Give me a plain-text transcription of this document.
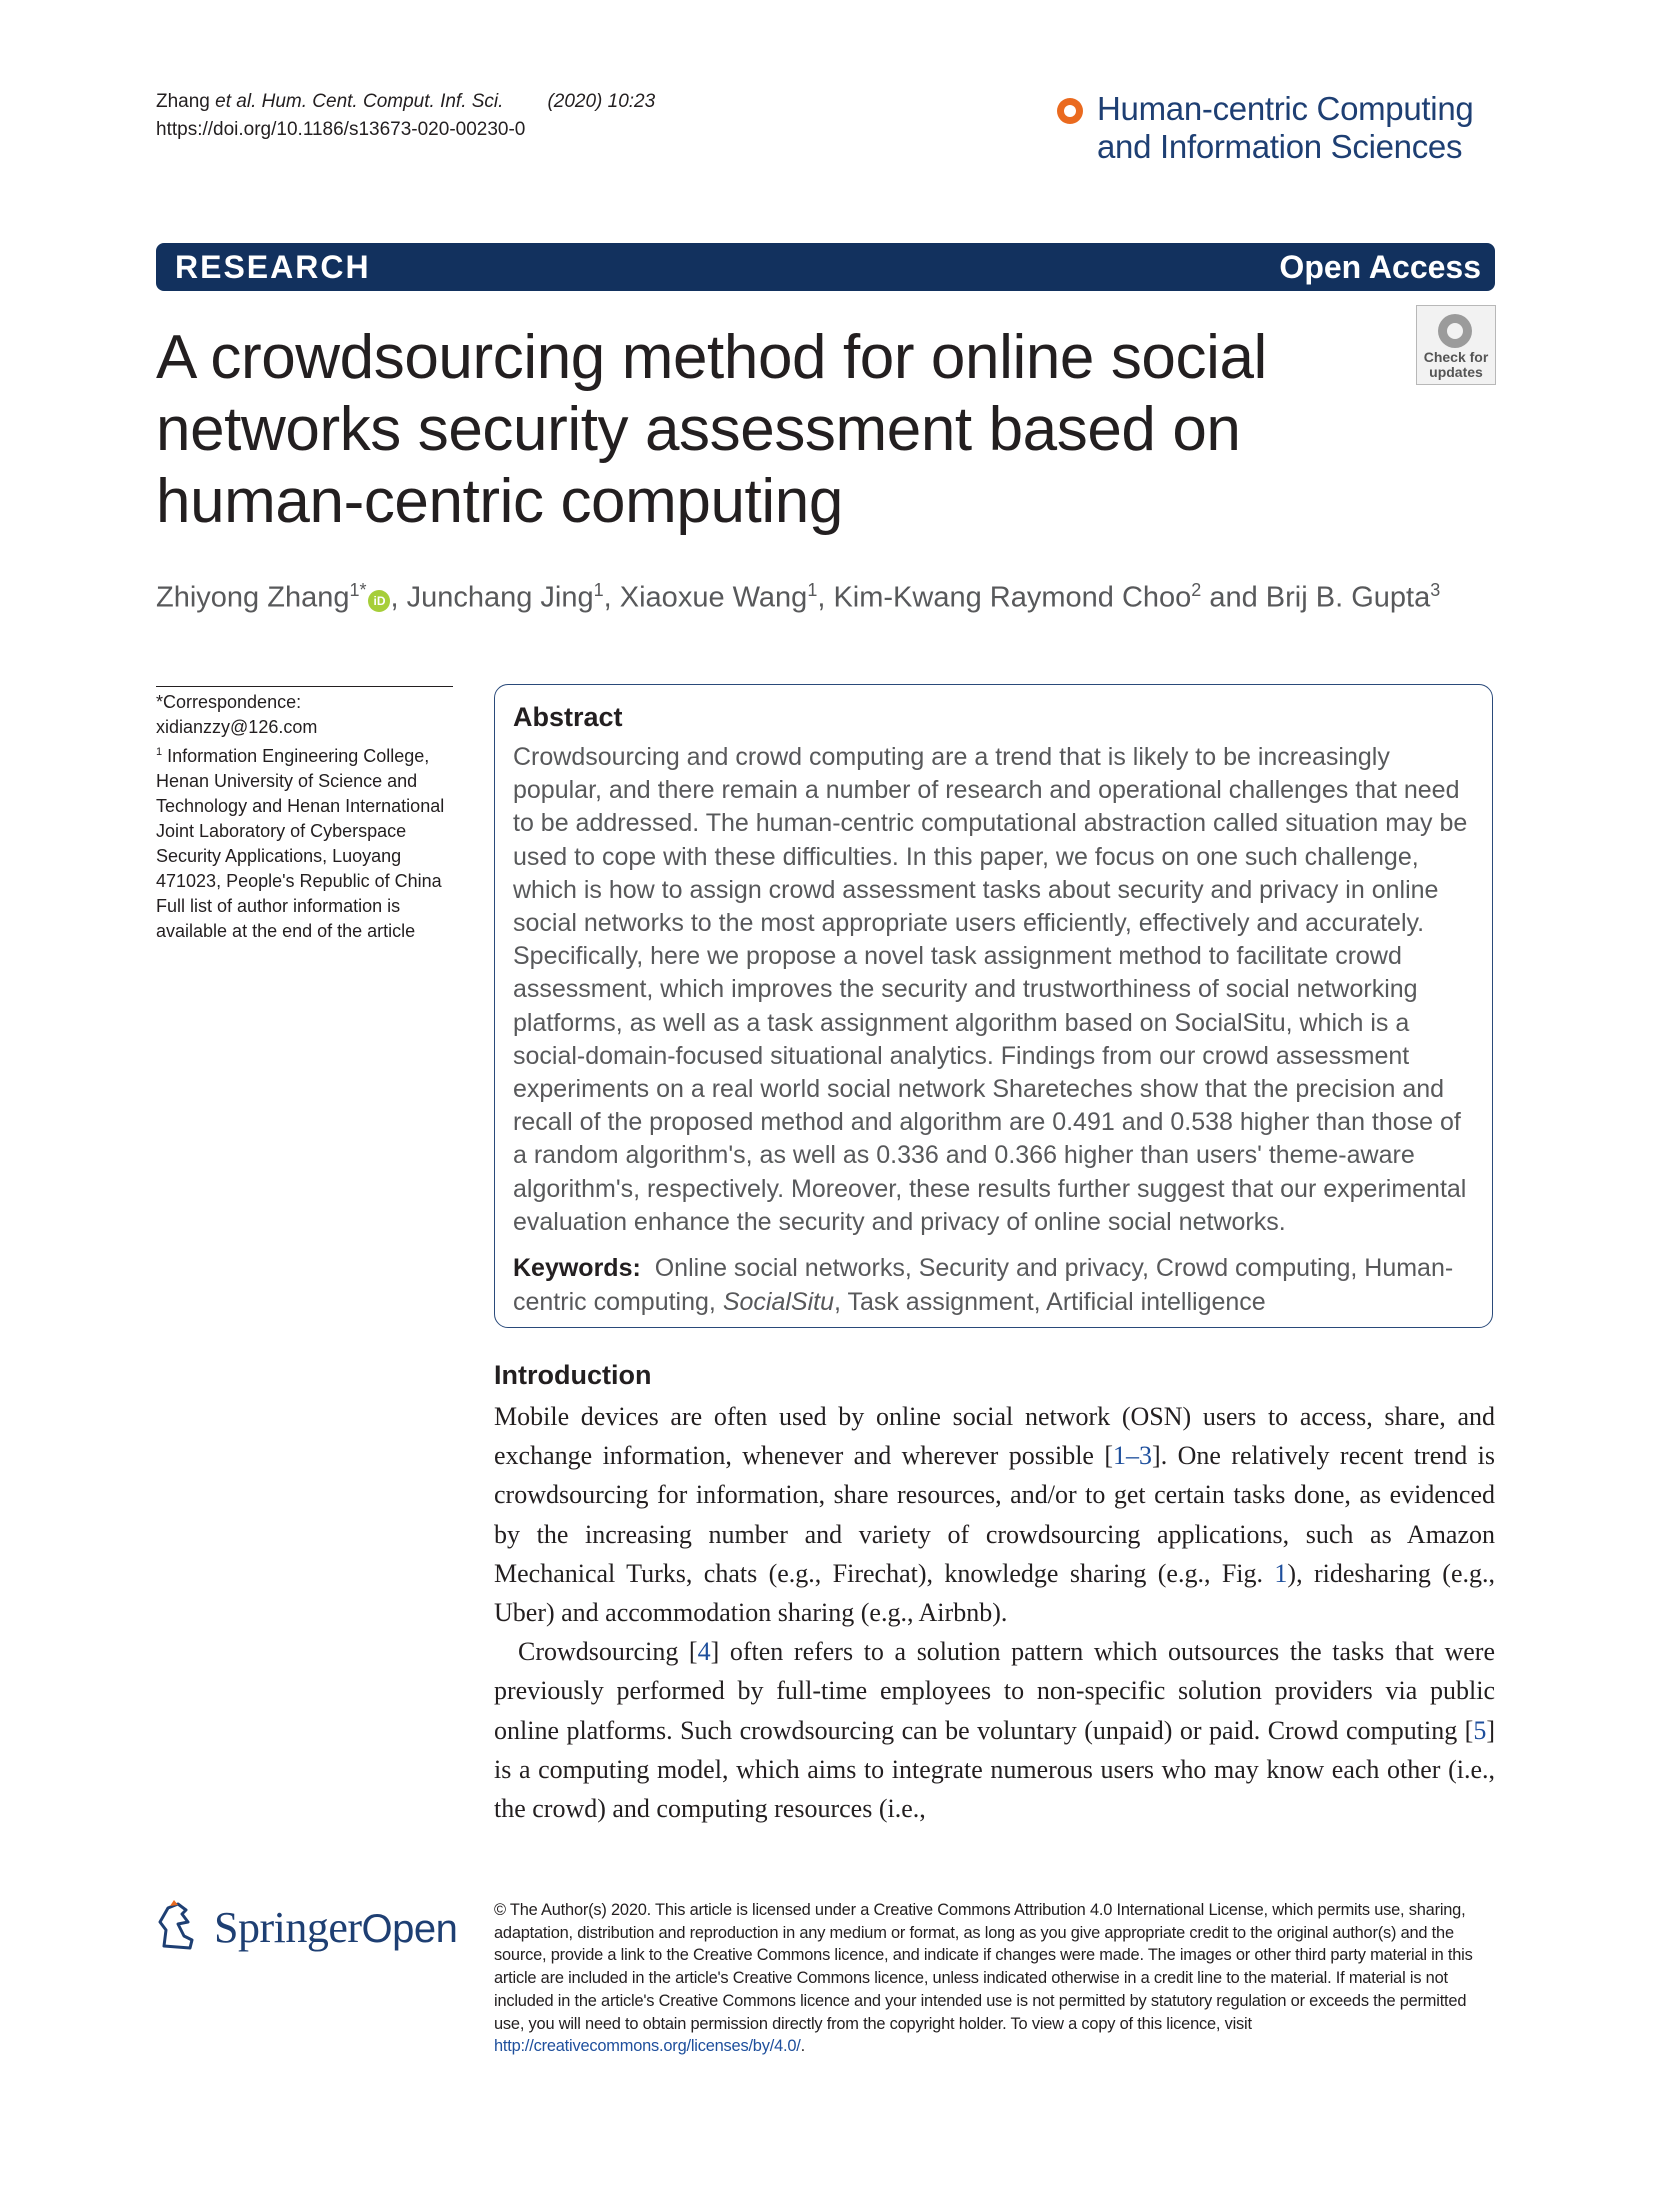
Zhang et al. Hum. Cent. Comput. Inf. Sci. (2020) 10:23
https://doi.org/10.1186/s13673-020-00230-0
Human-centric Computing
and Information Sciences
RESEARCH	Open Access
Check for updates
A crowdsourcing method for online social networks security assessment based on human-centric computing
Zhiyong Zhang$^{1*}$iD , Junchang Jing$^1$, Xiaoxue Wang$^1$, Kim-Kwang Raymond Choo$^2$ and Brij B. Gupta$^3$

*Correspondence:

xidianzzy@126.com

$^1$ Information Engineering College, Henan University of Science and Technology and Henan International Joint Laboratory of Cyberspace Security Applications, Luoyang 471023, People's Republic of China

Full list of author information is available at the end of the article

Abstract
Crowdsourcing and crowd computing are a trend that is likely to be increasingly popular, and there remain a number of research and operational challenges that need to be addressed. The human-centric computational abstraction called situation may be used to cope with these difficulties. In this paper, we focus on one such challenge, which is how to assign crowd assessment tasks about security and privacy in online social networks to the most appropriate users efficiently, effectively and accurately. Specifically, here we propose a novel task assignment method to facilitate crowd assessment, which improves the security and trustworthiness of social networking platforms, as well as a task assignment algorithm based on SocialSitu, which is a social-domain-focused situational analytics. Findings from our crowd assessment experiments on a real world social network Shareteches show that the precision and recall of the proposed method and algorithm are 0.491 and 0.538 higher than those of a random algorithm's, as well as 0.336 and 0.366 higher than users' theme-aware algorithm's, respectively. Moreover, these results further suggest that our experimental evaluation enhance the security and privacy of online social networks.
Keywords: Online social networks, Security and privacy, Crowd computing, Human-centric computing, SocialSitu, Task assignment, Artificial intelligence
Introduction

Mobile devices are often used by online social network (OSN) users to access, share, and exchange information, whenever and wherever possible [1–3]. One relatively recent trend is crowdsourcing for information, share resources, and/or to get certain tasks done, as evidenced by the increasing number and variety of crowdsourcing applications, such as Amazon Mechanical Turks, chats (e.g., Firechat), knowledge sharing (e.g., Fig. 1), ridesharing (e.g., Uber) and accommodation sharing (e.g., Airbnb).

Crowdsourcing [4] often refers to a solution pattern which outsources the tasks that were previously performed by full-time employees to non-specific solution providers via public online platforms. Such crowdsourcing can be voluntary (unpaid) or paid. Crowd computing [5] is a computing model, which aims to integrate numerous users who may know each other (i.e., the crowd) and computing resources (i.e.,

SpringerOpen © The Author(s) 2020. This article is licensed under a Creative Commons Attribution 4.0 International License, which permits use, sharing, adaptation, distribution and reproduction in any medium or format, as long as you give appropriate credit to the original author(s) and the source, provide a link to the Creative Commons licence, and indicate if changes were made. The images or other third party material in this article are included in the article's Creative Commons licence, unless indicated otherwise in a credit line to the material. If material is not included in the article's Creative Commons licence and your intended use is not permitted by statutory regulation or exceeds the permitted use, you will need to obtain permission directly from the copyright holder. To view a copy of this licence, visit http://creativecommons.org/licenses/by/4.0/.
